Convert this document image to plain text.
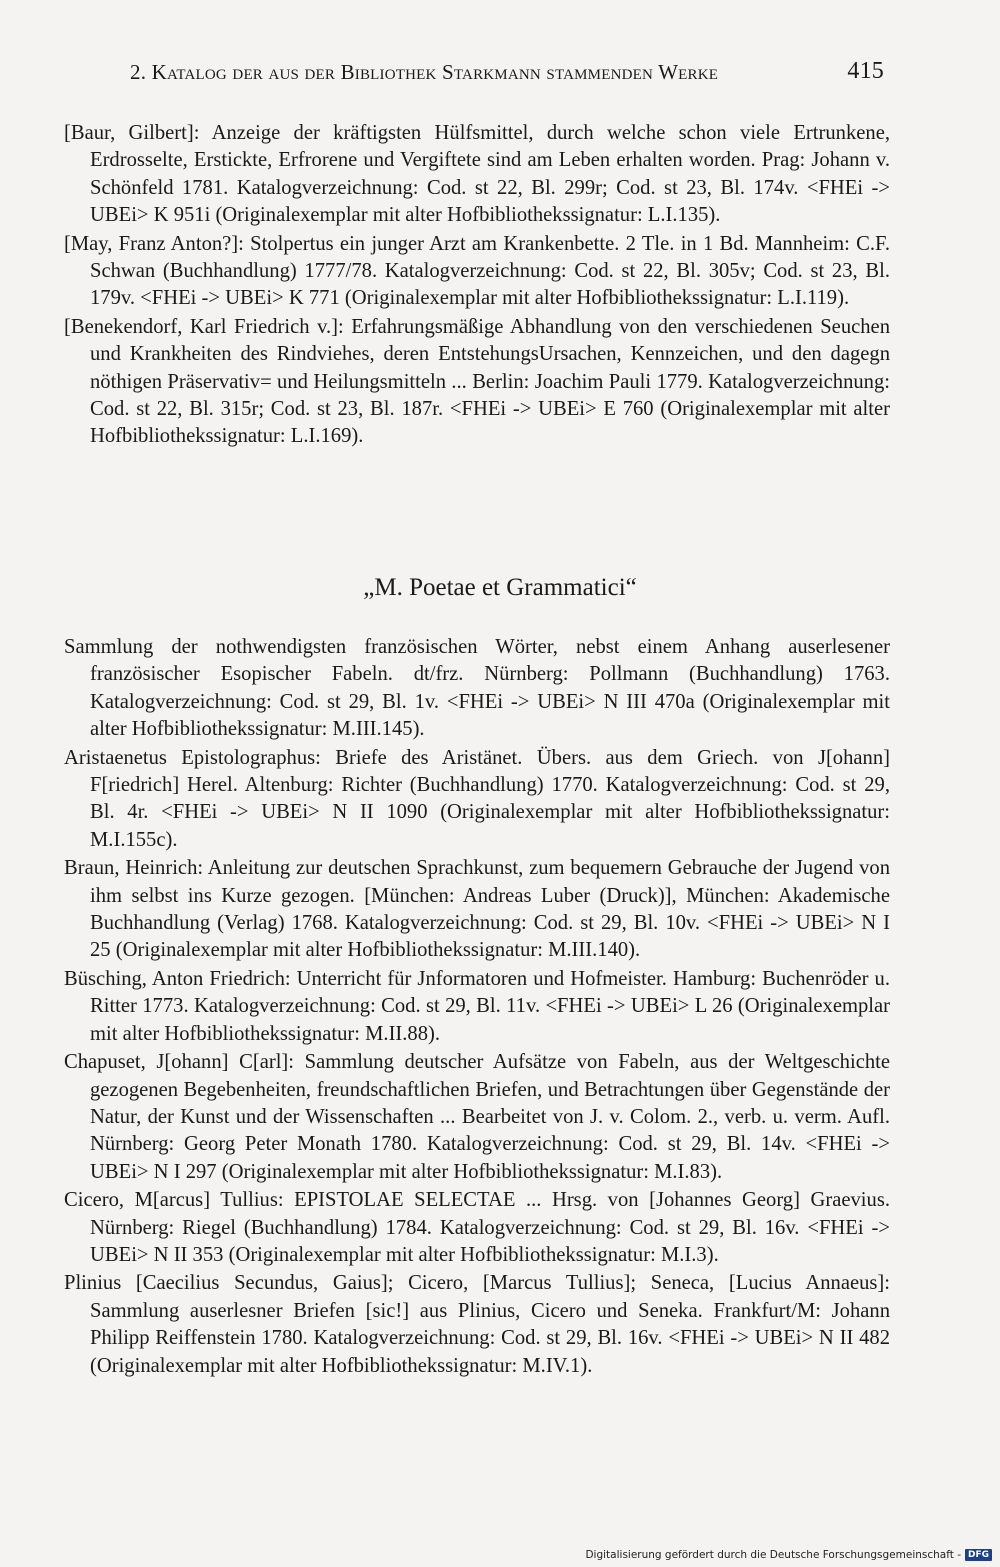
2. Katalog der aus der Bibliothek Starkmann stammenden Werke	415

[Baur, Gilbert]: Anzeige der kräftigsten Hülfsmittel, durch welche schon viele Ertrunkene, Erdrosselte, Erstickte, Erfrorene und Vergiftete sind am Leben erhalten worden. Prag: Johann v. Schönfeld 1781. Katalogverzeichnung: Cod. st 22, Bl. 299r; Cod. st 23, Bl. 174v. <FHEi -> UBEi> K 951i (Originalexemplar mit alter Hofbibliothekssignatur: L.I.135).

[May, Franz Anton?]: Stolpertus ein junger Arzt am Krankenbette. 2 Tle. in 1 Bd. Mannheim: C.F. Schwan (Buchhandlung) 1777/78. Katalogverzeichnung: Cod. st 22, Bl. 305v; Cod. st 23, Bl. 179v. <FHEi -> UBEi> K 771 (Originalexemplar mit alter Hofbibliothekssignatur: L.I.119).

[Benekendorf, Karl Friedrich v.]: Erfahrungsmäßige Abhandlung von den verschiedenen Seuchen und Krankheiten des Rindviehes, deren EntstehungsUrsachen, Kennzeichen, und den dagegn nöthigen Präservativ= und Heilungsmitteln ... Berlin: Joachim Pauli 1779. Katalogverzeichnung: Cod. st 22, Bl. 315r; Cod. st 23, Bl. 187r. <FHEi -> UBEi> E 760 (Originalexemplar mit alter Hofbibliothekssignatur: L.I.169).

„M. Poetae et Grammatici“

Sammlung der nothwendigsten französischen Wörter, nebst einem Anhang auserlesener französischer Esopischer Fabeln. dt/frz. Nürnberg: Pollmann (Buchhandlung) 1763. Katalogverzeichnung: Cod. st 29, Bl. 1v. <FHEi -> UBEi> N III 470a (Originalexemplar mit alter Hofbibliothekssignatur: M.III.145).

Aristaenetus Epistolographus: Briefe des Aristänet. Übers. aus dem Griech. von J[ohann] F[riedrich] Herel. Altenburg: Richter (Buchhandlung) 1770. Katalogverzeichnung: Cod. st 29, Bl. 4r. <FHEi -> UBEi> N II 1090 (Originalexemplar mit alter Hofbibliothekssignatur: M.I.155c).

Braun, Heinrich: Anleitung zur deutschen Sprachkunst, zum bequemern Gebrauche der Jugend von ihm selbst ins Kurze gezogen. [München: Andreas Luber (Druck)], München: Akademische Buchhandlung (Verlag) 1768. Katalogverzeichnung: Cod. st 29, Bl. 10v. <FHEi -> UBEi> N I 25 (Originalexemplar mit alter Hofbibliothekssignatur: M.III.140).

Büsching, Anton Friedrich: Unterricht für Jnformatoren und Hofmeister. Hamburg: Buchenröder u. Ritter 1773. Katalogverzeichnung: Cod. st 29, Bl. 11v. <FHEi -> UBEi> L 26 (Originalexemplar mit alter Hofbibliothekssignatur: M.II.88).

Chapuset, J[ohann] C[arl]: Sammlung deutscher Aufsätze von Fabeln, aus der Weltgeschichte gezogenen Begebenheiten, freundschaftlichen Briefen, und Betrachtungen über Gegenstände der Natur, der Kunst und der Wissenschaften ... Bearbeitet von J. v. Colom. 2., verb. u. verm. Aufl. Nürnberg: Georg Peter Monath 1780. Katalogverzeichnung: Cod. st 29, Bl. 14v. <FHEi -> UBEi> N I 297 (Originalexemplar mit alter Hofbibliothekssignatur: M.I.83).

Cicero, M[arcus] Tullius: EPISTOLAE SELECTAE ... Hrsg. von [Johannes Georg] Graevius. Nürnberg: Riegel (Buchhandlung) 1784. Katalogverzeichnung: Cod. st 29, Bl. 16v. <FHEi -> UBEi> N II 353 (Originalexemplar mit alter Hofbibliothekssignatur: M.I.3).

Plinius [Caecilius Secundus, Gaius]; Cicero, [Marcus Tullius]; Seneca, [Lucius Annaeus]: Sammlung auserlesner Briefen [sic!] aus Plinius, Cicero und Seneka. Frankfurt/M: Johann Philipp Reiffenstein 1780. Katalogverzeichnung: Cod. st 29, Bl. 16v. <FHEi -> UBEi> N II 482 (Originalexemplar mit alter Hofbibliothekssignatur: M.IV.1).

Digitalisierung gefördert durch die Deutsche Forschungsgemeinschaft - DFG
